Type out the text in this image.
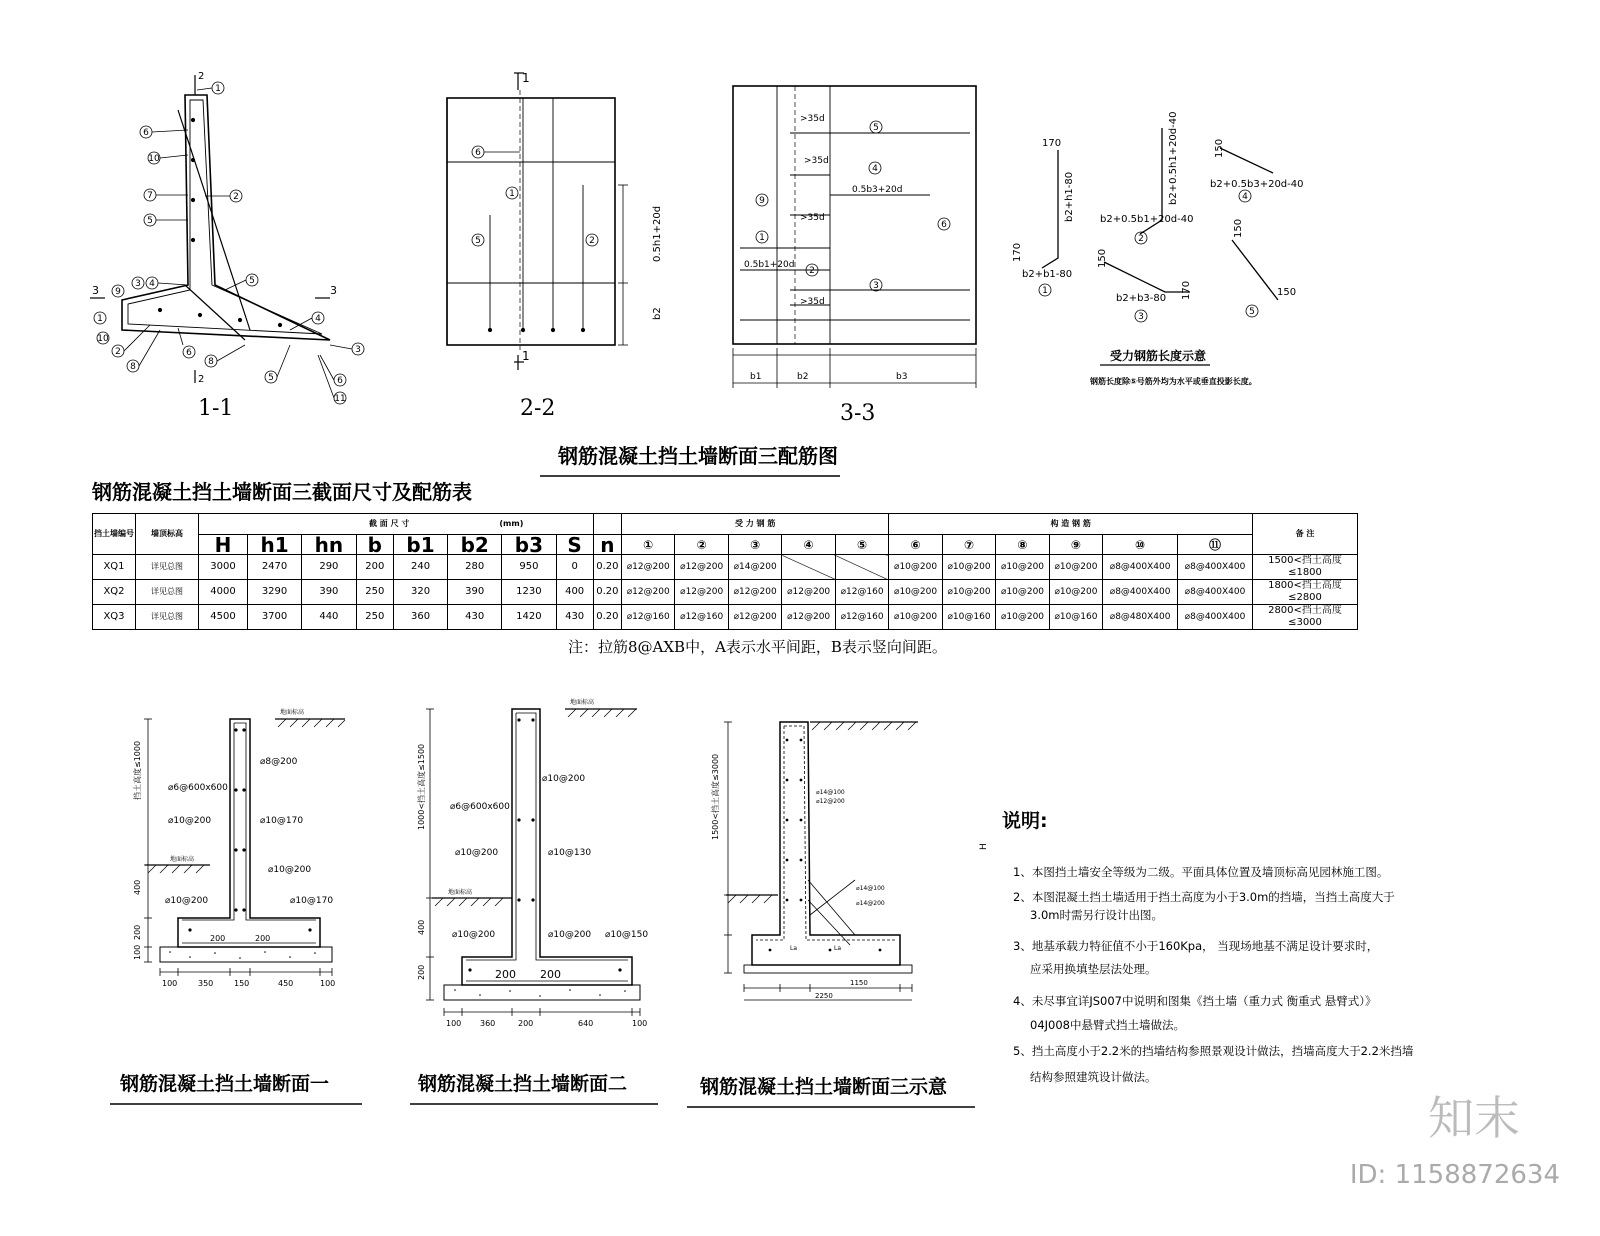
1
6
10
7
5
2
5
3 4
9
1
10
2
8
6
8
5
4
3
6
11
2
2
3	3
1-1	2-2	3-3
6
1
5	2
1
1
0.5h1+20d
b2
>35d
>35d
>35d
>35d
0.5b3+20d
0.5b1+20d
b1	b2	b3
5
4
9
1
2
6
3
170
b2+h1-80
170
b2+b1-80
b2+0.5h1+20d-40
b2+0.5b1+20d-40
150
b2+b3-80 170
150
b2+0.5b3+20d-40
150
150
1
2
3
4
5
受力钢筋长度示意
钢筋长度除⑤号筋外均为水平或垂直投影长度。
⌀8@200
⌀6@600x600
⌀10@200	⌀10@170
⌀10@200
⌀10@200	⌀10@170
挡土高度≤1000
400
200
100
200	200
100	350	150	450	100
地面标高
地面标高
钢筋混凝土挡土墙断面一
⌀10@200
⌀6@600x600
⌀10@200	⌀10@130
⌀10@200	⌀10@200 ⌀10@150
1000<挡土高度≤1500
400
200	200 200
100 360	200	640	100
地面标高
地面标高
钢筋混凝土挡土墙断面二
⌀14@100
⌀12@200
⌀14@100
⌀14@200
La	La
1500<挡土高度≤3000
2250
1150
H
钢筋混凝土挡土墙断面三示意
钢筋混凝土挡土墙断面三配筋图
钢筋混凝土挡土墙断面三截面尺寸及配筋表
挡土墙编号	墙顶标高	截 面 尺 寸 (mm)									受 力 钢 筋					构 造 钢 筋						备 注
		H	h1	hn	b	b1	b2	b3	S	n	①	②	③	④	⑤	⑥	⑦	⑧	⑨	⑩	⑪	
XQ1	详见总图	3000	2470	290	200	240	280	950	0	0.20	⌀12@200	⌀12@200	⌀14@200			⌀10@200	⌀10@200	⌀10@200	⌀10@200	⌀8@400X400	⌀8@400X400	1500<挡土高度≤1800
XQ2	详见总图	4000	3290	390	250	320	390	1230	400	0.20	⌀12@200	⌀12@200	⌀12@200	⌀12@200	⌀12@160	⌀10@200	⌀10@200	⌀10@200	⌀10@200	⌀8@400X400	⌀8@400X400	1800<挡土高度≤2800
XQ3	详见总图	4500	3700	440	250	360	430	1420	430	0.20	⌀12@160	⌀12@160	⌀12@200	⌀12@200	⌀12@160	⌀10@200	⌀10@160	⌀10@200	⌀10@160	⌀8@480X400	⌀8@400X400	2800<挡土高度≤3000
注：拉筋8@AXB中，A表示水平间距，B表示竖向间距。
说明:
1、本图挡土墙安全等级为二级。平面具体位置及墙顶标高见园林施工图。
2、本图混凝土挡土墙适用于挡土高度为小于3.0m的挡墙，当挡土高度大于
3.0m时需另行设计出图。
3、地基承载力特征值不小于160Kpa， 当现场地基不满足设计要求时，
应采用换填垫层法处理。
4、未尽事宜详JS007中说明和图集《挡土墙（重力式 衡重式 悬臂式）》
04J008中悬臂式挡土墙做法。
5、挡土高度小于2.2米的挡墙结构参照景观设计做法，挡墙高度大于2.2米挡墙
结构参照建筑设计做法。
知末
ID: 1158872634
